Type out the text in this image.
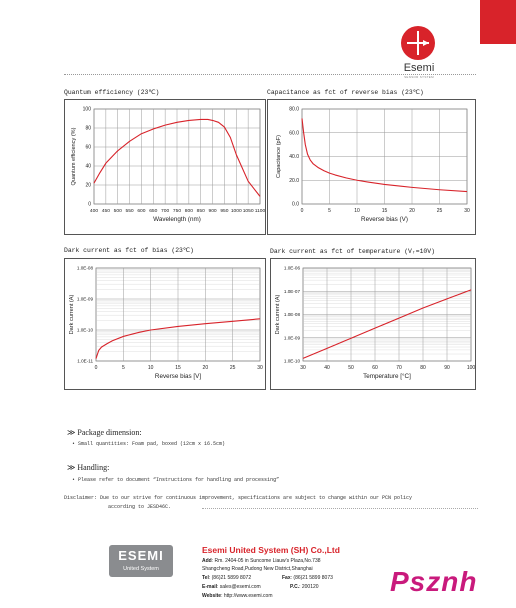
Esemi
SENSOR SYSTEM
Quantum efficiency (23℃)	Capacitance as fct of reverse bias (23℃)
Dark current as fct of bias (23℃)	Dark current as fct of temperature (Vᵣ=10V)
0
20
40
60
80
100
400 450 500 550 600 650 700 750 800 850 900 950 1000 1050 1100
Wavelength (nm)
Quantum efficiency (%)
0.0
20.0
40.0
60.0
80.0
0	5	10	15	20	25	30
Reverse bias (V)
Capacitance (pF)
1.0E-11
1.0E-10
1.0E-09
1.0E-08
0	5	10	15	20	25	30
Reverse bias [V]
Dark current (A)
1.0E-10
1.0E-09
1.0E-08
1.0E-07
1.0E-06
30	40	50	60	70	80	90	100
Temperature [°C]
Dark current (A)
≫ Package dimension:
• Small quantities: Foam pad, boxed (12cm x 16.5cm)
≫ Handling:
• Please refer to document “Instructions for handling and processing”
Disclaimer: Due to our strive for continuous improvement, specifications are subject to change within our PCN policy
according to JESD46C.
ESEMI
United System
Esemi United System (SH) Co.,Ltd
Add: Rm. 2404-05 in Suncome Liauw's Plaza,No.738
Shangcheng Road,Pudong New District,Shanghai
Tel: (86)21 5899 8072	Fax: (86)21 5899 8073
E-mail: sales@esemi.com	P.C.: 200120
Website: http://www.esemi.com	Psznh
